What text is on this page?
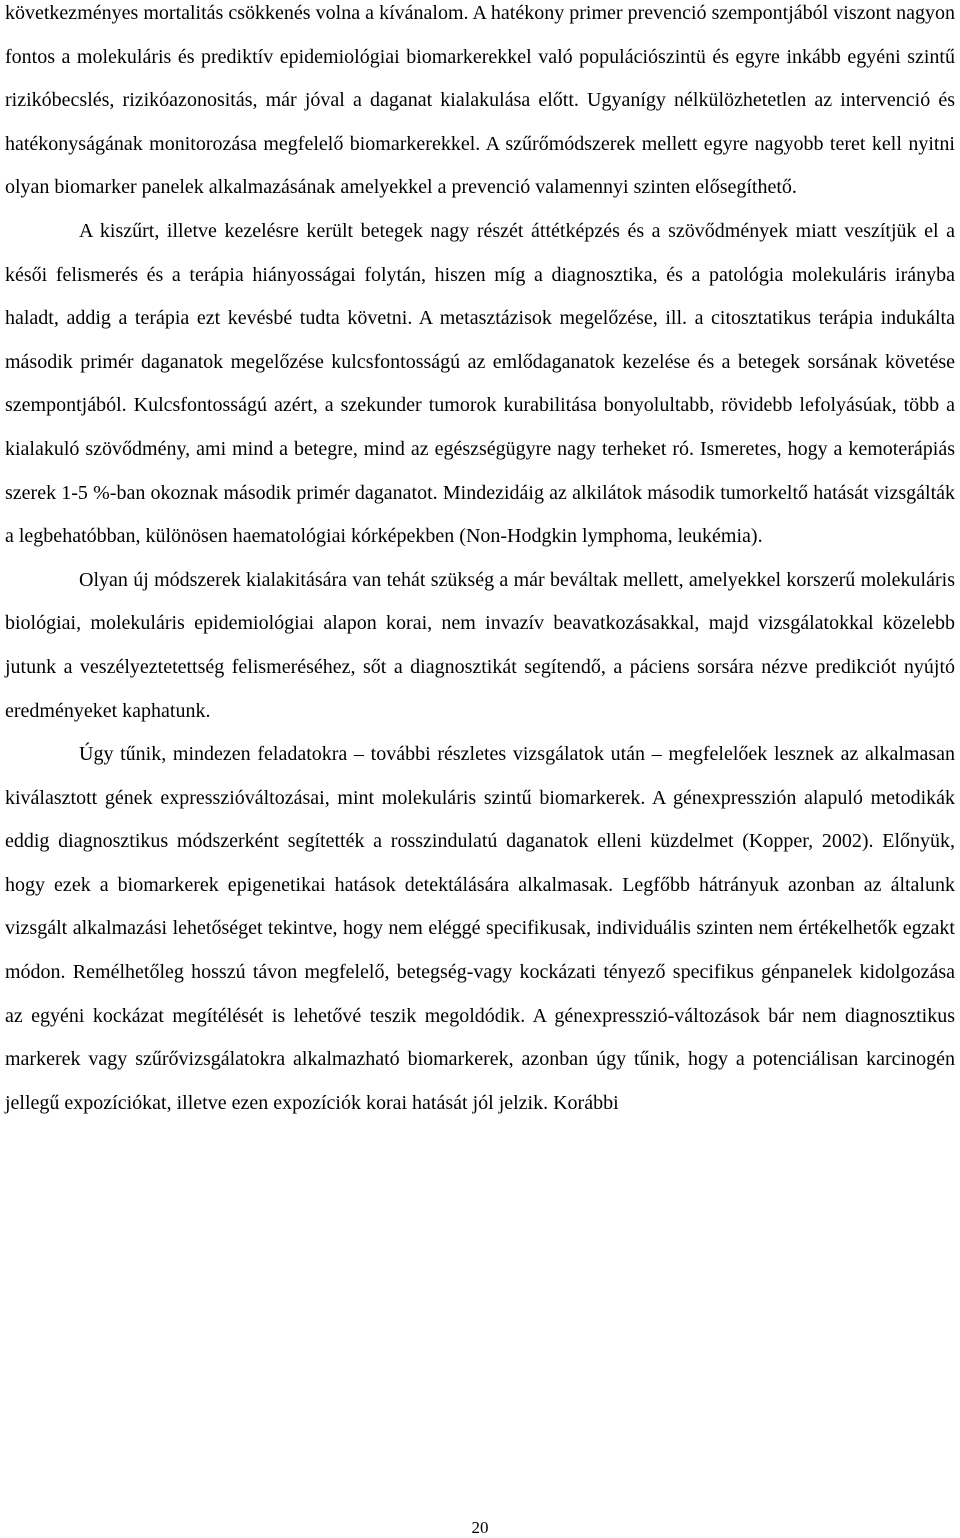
következményes mortalitás csökkenés volna a kívánalom. A hatékony primer prevenció szempontjából viszont nagyon fontos a molekuláris és prediktív epidemiológiai biomarkerekkel való populációszintü és egyre inkább egyéni szintű rizikóbecslés, rizikóazonositás, már jóval a daganat kialakulása előtt. Ugyanígy nélkülözhetetlen az intervenció és hatékonyságának monitorozása megfelelő biomarkerekkel. A szűrőmódszerek mellett egyre nagyobb teret kell nyitni olyan biomarker panelek alkalmazásának amelyekkel a prevenció valamennyi szinten elősegíthető.

A kiszűrt, illetve kezelésre került betegek nagy részét áttétképzés és a szövődmények miatt veszítjük el a késői felismerés és a terápia hiányosságai folytán, hiszen míg a diagnosztika, és a patológia molekuláris irányba haladt, addig a terápia ezt kevésbé tudta követni. A metasztázisok megelőzése, ill. a citosztatikus terápia indukálta második primér daganatok megelőzése kulcsfontosságú az emlődaganatok kezelése és a betegek sorsának követése szempontjából. Kulcsfontosságú azért, a szekunder tumorok kurabilitása bonyolultabb, rövidebb lefolyásúak, több a kialakuló szövődmény, ami mind a betegre, mind az egészségügyre nagy terheket ró. Ismeretes, hogy a kemoterápiás szerek 1-5 %-ban okoznak második primér daganatot. Mindezidáig az alkilátok második tumorkeltő hatását vizsgálták a legbehatóbban, különösen haematológiai kórképekben (Non-Hodgkin lymphoma, leukémia).

Olyan új módszerek kialakitására van tehát szükség a már beváltak mellett, amelyekkel korszerű molekuláris biológiai, molekuláris epidemiológiai alapon korai, nem invazív beavatkozásakkal, majd vizsgálatokkal közelebb jutunk a veszélyeztetettség felismeréséhez, sőt a diagnosztikát segítendő, a páciens sorsára nézve predikciót nyújtó eredményeket kaphatunk.

Úgy tűnik, mindezen feladatokra – további részletes vizsgálatok után – megfelelőek lesznek az alkalmasan kiválasztott gének expresszióváltozásai, mint molekuláris szintű biomarkerek. A génexpresszión alapuló metodikák eddig diagnosztikus módszerként segítették a rosszindulatú daganatok elleni küzdelmet (Kopper, 2002). Előnyük, hogy ezek a biomarkerek epigenetikai hatások detektálására alkalmasak. Legfőbb hátrányuk azonban az általunk vizsgált alkalmazási lehetőséget tekintve, hogy nem eléggé specifikusak, individuális szinten nem értékelhetők egzakt módon. Remélhetőleg hosszú távon megfelelő, betegség-vagy kockázati tényező specifikus génpanelek kidolgozása az egyéni kockázat megítélését is lehetővé teszik megoldódik. A génexpresszió-változások bár nem diagnosztikus markerek vagy szűrővizsgálatokra alkalmazható biomarkerek, azonban úgy tűnik, hogy a potenciálisan karcinogén jellegű expozíciókat, illetve ezen expozíciók korai hatását jól jelzik. Korábbi

20
